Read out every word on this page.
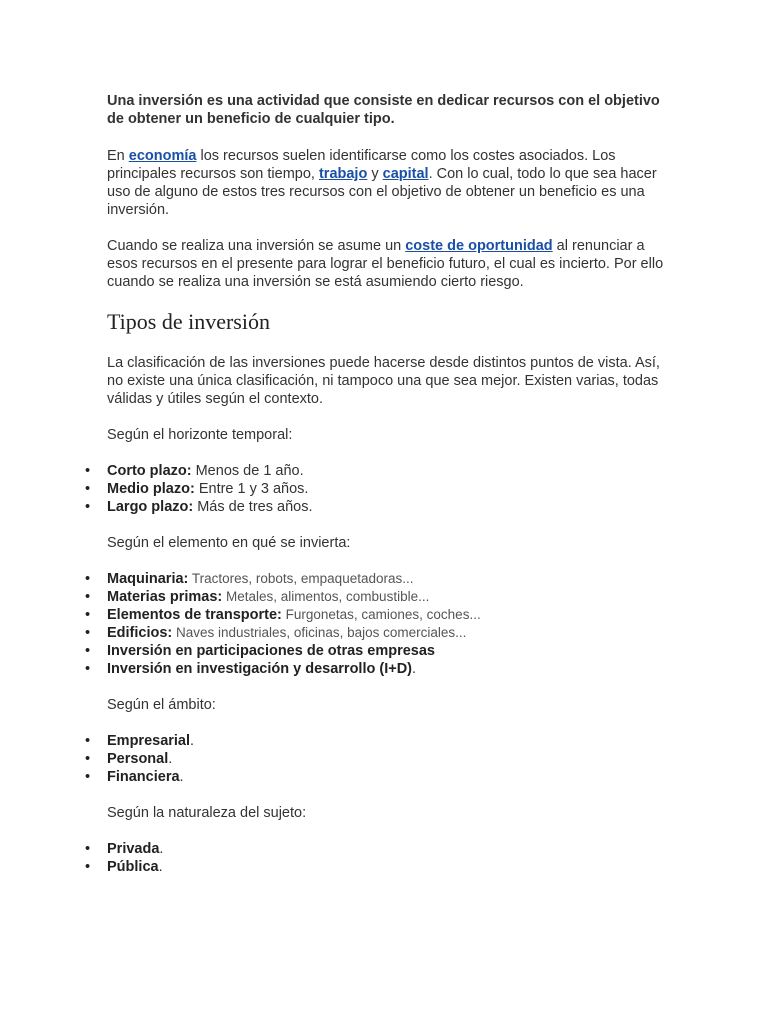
Una inversión es una actividad que consiste en dedicar recursos con el objetivo de obtener un beneficio de cualquier tipo.

En economía los recursos suelen identificarse como los costes asociados. Los principales recursos son tiempo, trabajo y capital. Con lo cual, todo lo que sea hacer uso de alguno de estos tres recursos con el objetivo de obtener un beneficio es una inversión.

Cuando se realiza una inversión se asume un coste de oportunidad al renunciar a esos recursos en el presente para lograr el beneficio futuro, el cual es incierto. Por ello cuando se realiza una inversión se está asumiendo cierto riesgo.

Tipos de inversión

La clasificación de las inversiones puede hacerse desde distintos puntos de vista. Así, no existe una única clasificación, ni tampoco una que sea mejor. Existen varias, todas válidas y útiles según el contexto.

Según el horizonte temporal:

• Corto plazo: Menos de 1 año.
• Medio plazo: Entre 1 y 3 años.
• Largo plazo: Más de tres años.

Según el elemento en qué se invierta:

• Maquinaria: Tractores, robots, empaquetadoras...
• Materias primas: Metales, alimentos, combustible...
• Elementos de transporte: Furgonetas, camiones, coches...
• Edificios: Naves industriales, oficinas, bajos comerciales...
• Inversión en participaciones de otras empresas
• Inversión en investigación y desarrollo (I+D).

Según el ámbito:

• Empresarial.
• Personal.
• Financiera.

Según la naturaleza del sujeto:

• Privada.
• Pública.
